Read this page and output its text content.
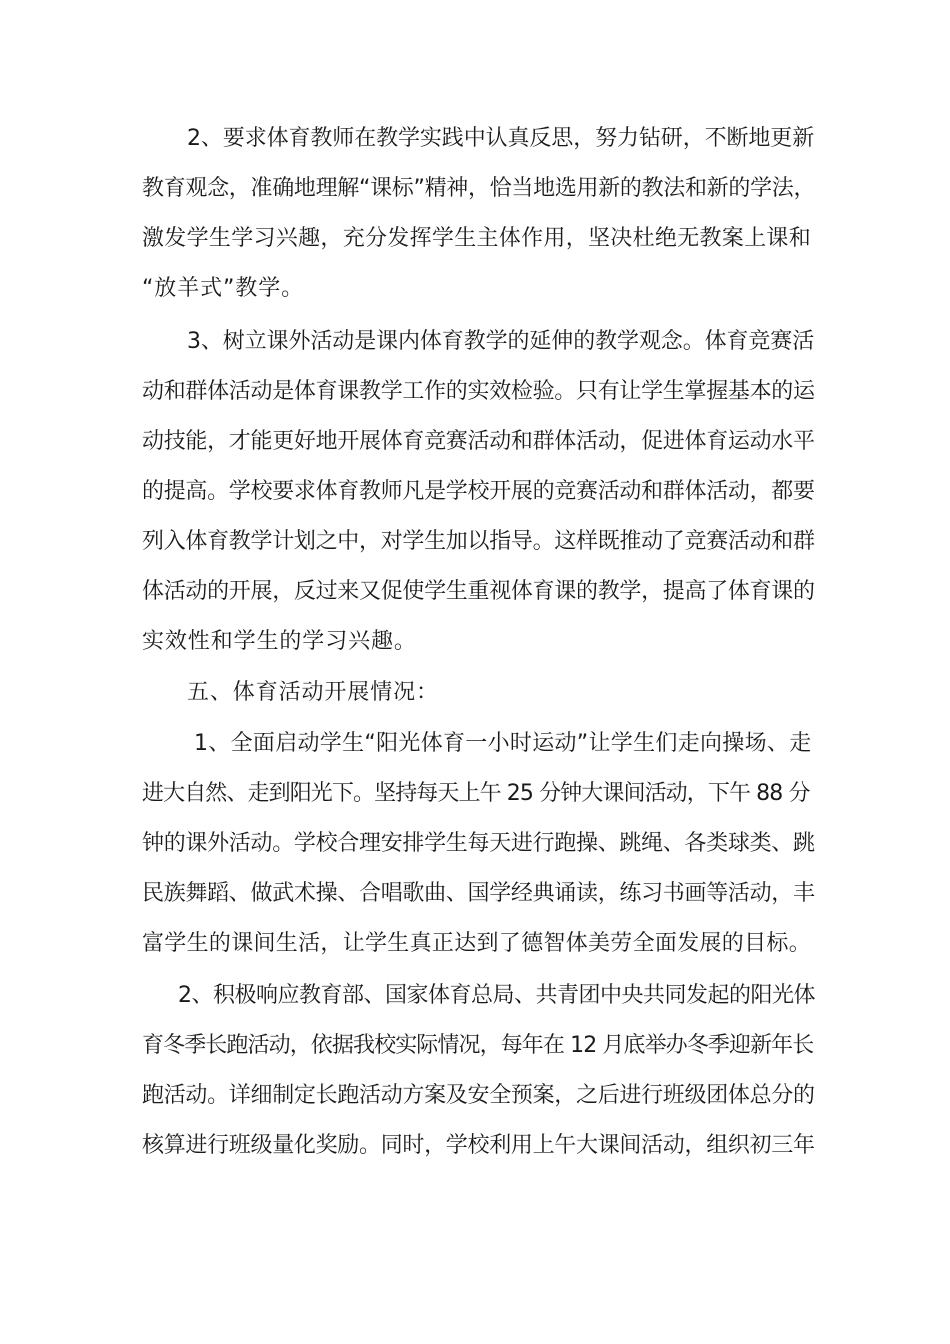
2、要求体育教师在教学实践中认真反思，努力钻研，不断地更新

教育观念，准确地理解“课标”精神，恰当地选用新的教法和新的学法，

激发学生学习兴趣，充分发挥学生主体作用，坚决杜绝无教案上课和

“放羊式”教学。

3、树立课外活动是课内体育教学的延伸的教学观念。体育竞赛活

动和群体活动是体育课教学工作的实效检验。只有让学生掌握基本的运

动技能，才能更好地开展体育竞赛活动和群体活动，促进体育运动水平

的提高。学校要求体育教师凡是学校开展的竞赛活动和群体活动，都要

列入体育教学计划之中，对学生加以指导。这样既推动了竞赛活动和群

体活动的开展，反过来又促使学生重视体育课的教学，提高了体育课的

实效性和学生的学习兴趣。

五、体育活动开展情况：

1、全面启动学生“阳光体育一小时运动”让学生们走向操场、走

进大自然、走到阳光下。坚持每天上午 25 分钟大课间活动，下午 88 分

钟的课外活动。学校合理安排学生每天进行跑操、跳绳、各类球类、跳

民族舞蹈、做武术操、合唱歌曲、国学经典诵读，练习书画等活动，丰

富学生的课间生活，让学生真正达到了德智体美劳全面发展的目标。

2、积极响应教育部、国家体育总局、共青团中央共同发起的阳光体

育冬季长跑活动，依据我校实际情况，每年在 12 月底举办冬季迎新年长

跑活动。详细制定长跑活动方案及安全预案，之后进行班级团体总分的

核算进行班级量化奖励。同时，学校利用上午大课间活动，组织初三年
